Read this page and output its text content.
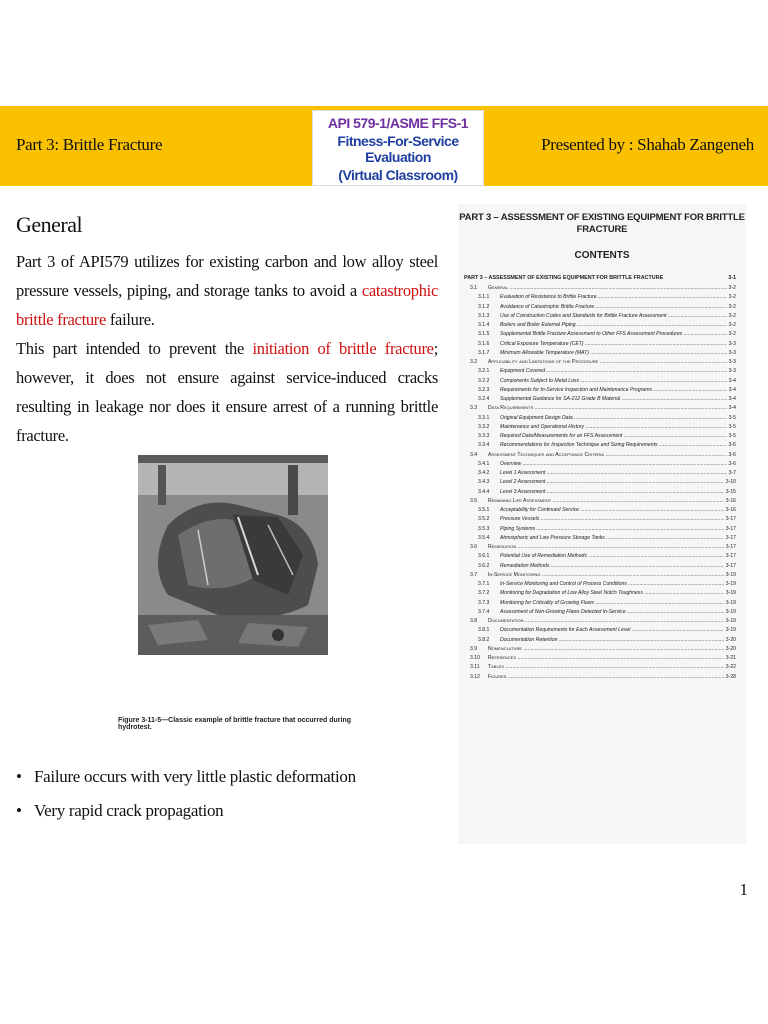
Part 3: Brittle Fracture
API 579-1/ASME FFS-1
Fitness-For-Service Evaluation
(Virtual Classroom)
Presented by : Shahab Zangeneh
General

Part 3 of API579 utilizes for existing carbon and low alloy steel pressure vessels, piping, and storage tanks to avoid a catastrophic brittle fracture failure.

This part intended to prevent the initiation of brittle fracture; however, it does not ensure against service-induced cracks resulting in leakage nor does it ensure arrest of a running brittle fracture.

Figure 3-11-5—Classic example of brittle fracture that occurred during hydrotest.
• Failure occurs with very little plastic deformation
• Very rapid crack propagation
PART 3 – ASSESSMENT OF EXISTING EQUIPMENT FOR BRITTLE FRACTURE
CONTENTS
PART 3 – ASSESSMENT OF EXISTING EQUIPMENT FOR BRITTLE FRACTURE	3-1
3.1	General .....	3-2
3.1.1	Evaluation of Resistance to Brittle Fracture .....	3-2
3.1.2	Avoidance of Catastrophic Brittle Fracture .....	3-2
3.1.3	Use of Construction Codes and Standards for Brittle Fracture Assessment .....	3-2
3.1.4	Boilers and Boiler External Piping .....	3-2
3.1.5	Supplemental Brittle Fracture Assessment to Other FFS Assessment Procedures .....	3-2
3.1.6	Critical Exposure Temperature (CET) .....	3-3
3.1.7	Minimum Allowable Temperature (MAT) .....	3-3
3.2	Applicability and Limitations of the Procedure .....	3-3
3.2.1	Equipment Covered .....	3-3
3.2.2	Components Subject to Metal Loss .....	3-4
3.2.3	Requirements for In-Service Inspection and Maintenance Programs .....	3-4
3.2.4	Supplemental Guidance for SA-212 Grade B Material .....	3-4
3.3	Data Requirements .....	3-4
3.3.1	Original Equipment Design Data .....	3-5
3.3.2	Maintenance and Operational History .....	3-5
3.3.3	Required Data/Measurements for an FFS Assessment .....	3-5
3.3.4	Recommendations for Inspection Technique and Sizing Requirements .....	3-6
3.4	Assessment Techniques and Acceptance Criteria .....	3-6
3.4.1	Overview .....	3-6
3.4.2	Level 1 Assessment .....	3-7
3.4.3	Level 2 Assessment .....	3-10
3.4.4	Level 3 Assessment .....	3-15
3.5	Remaining Life Assessment .....	3-16
3.5.1	Acceptability for Continued Service .....	3-16
3.5.2	Pressure Vessels .....	3-17
3.5.3	Piping Systems .....	3-17
3.5.4	Atmospheric and Low Pressure Storage Tanks .....	3-17
3.6	Remediation .....	3-17
3.6.1	Potential Use of Remediation Methods .....	3-17
3.6.2	Remediation Methods .....	3-17
3.7	In-Service Monitoring .....	3-19
3.7.1	In-Service Monitoring and Control of Process Conditions .....	3-19
3.7.2	Monitoring for Degradation of Low Alloy Steel Notch Toughness .....	3-19
3.7.3	Monitoring for Criticality of Growing Flaws .....	3-19
3.7.4	Assessment of Non-Growing Flaws Detected In-Service .....	3-19
3.8	Documentation .....	3-19
3.8.1	Documentation Requirements for Each Assessment Level .....	3-19
3.8.2	Documentation Retention .....	3-20
3.9	Nomenclature .....	3-20
3.10	References .....	3-21
3.11	Tables .....	3-22
3.12	Figures .....	3-28
1
